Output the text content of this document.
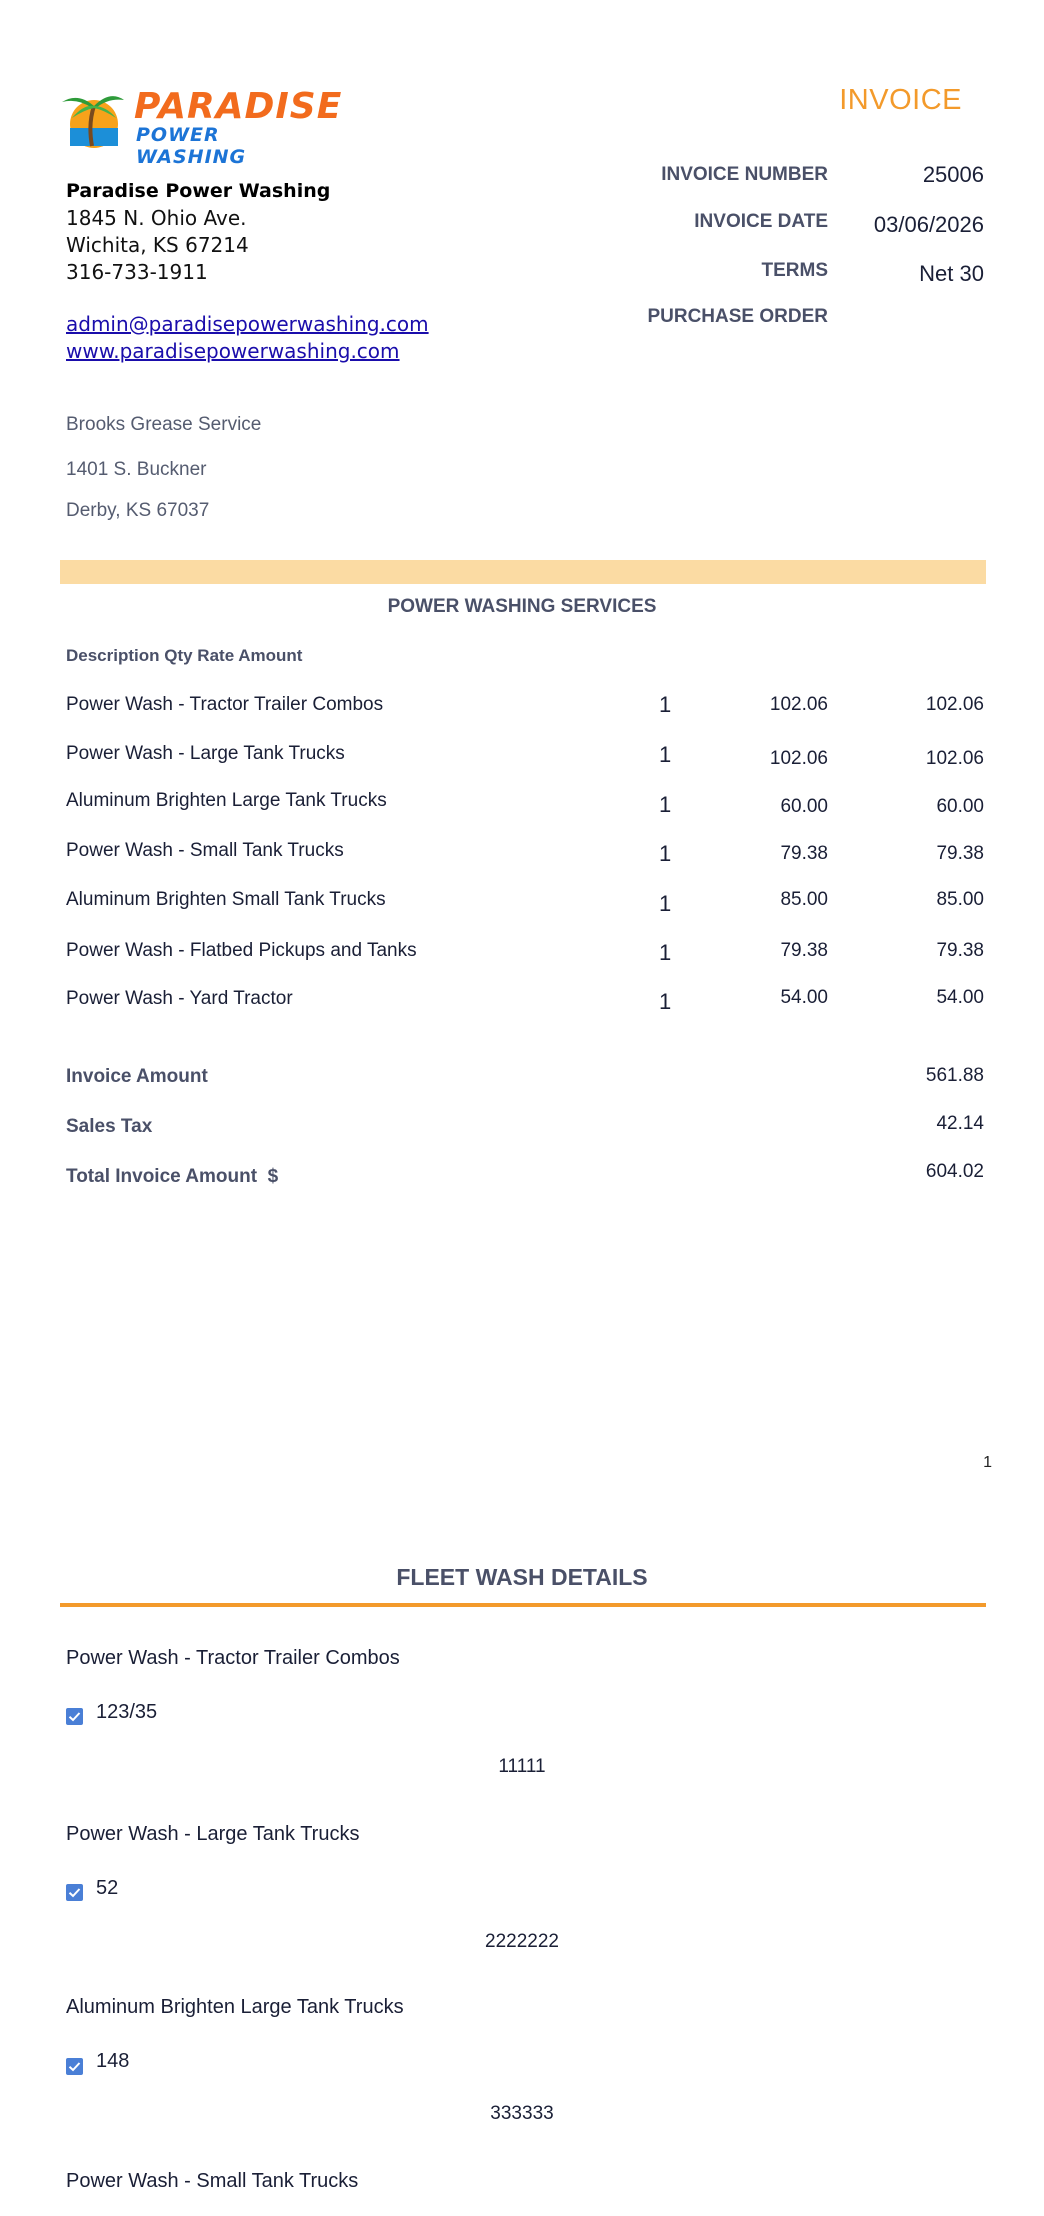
PARADISE
POWER WASHING
INVOICE
Paradise Power Washing
1845 N. Ohio Ave.
Wichita, KS 67214
316-733-1911
admin@paradisepowerwashing.com
www.paradisepowerwashing.com
INVOICE NUMBER	25006
INVOICE DATE 03/06/2026
TERMS	Net 30
PURCHASE ORDER
Brooks Grease Service
1401 S. Buckner
Derby, KS 67037
POWER WASHING SERVICES
Description Qty Rate Amount
Power Wash - Tractor Trailer Combos	1	102.06	102.06
Power Wash - Large Tank Trucks	1	102.06	102.06
Aluminum Brighten Large Tank Trucks	1	60.00	60.00
Power Wash - Small Tank Trucks	1	79.38	79.38
Aluminum Brighten Small Tank Trucks	1	85.00	85.00
Power Wash - Flatbed Pickups and Tanks	1	79.38	79.38
Power Wash - Yard Tractor	1	54.00	54.00
Invoice Amount	561.88
Sales Tax	42.14
Total Invoice Amount  $	604.02
1
FLEET WASH DETAILS
Power Wash - Tractor Trailer Combos
123/35
11111
Power Wash - Large Tank Trucks
52
2222222
Aluminum Brighten Large Tank Trucks
148
333333
Power Wash - Small Tank Trucks
